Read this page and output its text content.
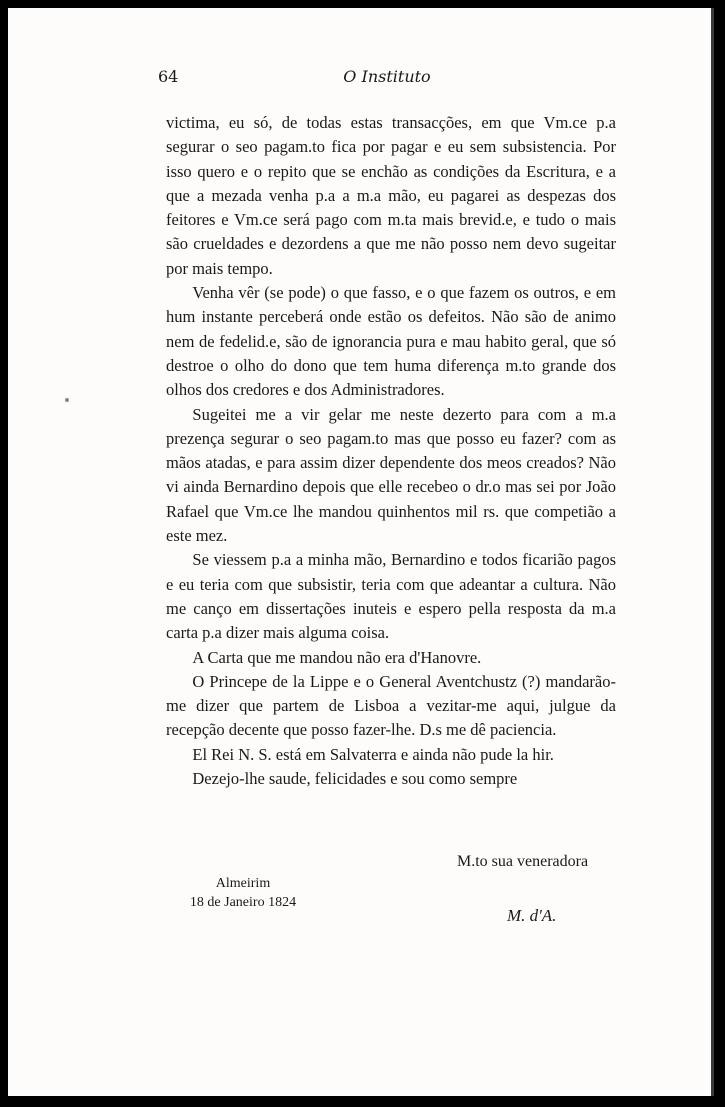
64	O Instituto

victima, eu só, de todas estas transacções, em que Vm.ce p.a segurar o seo pagam.to fica por pagar e eu sem subsistencia. Por isso quero e o repito que se enchão as condições da Escritura, e a que a mezada venha p.a a m.a mão, eu pagarei as despezas dos feitores e Vm.ce será pago com m.ta mais brevid.e, e tudo o mais são crueldades e dezordens a que me não posso nem devo sugeitar por mais tempo.

Venha vêr (se pode) o que fasso, e o que fazem os outros, e em hum instante perceberá onde estão os defeitos. Não são de animo nem de fedelid.e, são de ignorancia pura e mau habito geral, que só destroe o olho do dono que tem huma diferença m.to grande dos olhos dos credores e dos Administradores.

Sugeitei me a vir gelar me neste dezerto para com a m.a prezença segurar o seo pagam.to mas que posso eu fazer? com as mãos atadas, e para assim dizer dependente dos meos creados? Não vi ainda Bernardino depois que elle recebeo o dr.o mas sei por João Rafael que Vm.ce lhe mandou quinhentos mil rs. que competião a este mez.

Se viessem p.a a minha mão, Bernardino e todos ficarião pagos e eu teria com que subsistir, teria com que adeantar a cultura. Não me canço em dissertações inuteis e espero pella resposta da m.a carta p.a dizer mais alguma coisa.

A Carta que me mandou não era d'Hanovre.

O Princepe de la Lippe e o General Aventchustz (?) mandarão-me dizer que partem de Lisboa a vezitar-me aqui, julgue da recepção decente que posso fazer-lhe. D.s me dê paciencia.

El Rei N. S. está em Salvaterra e ainda não pude la hir.

Dezejo-lhe saude, felicidades e sou como sempre

M.to sua veneradora
Almeirim
18 de Janeiro 1824
M. d'A.
